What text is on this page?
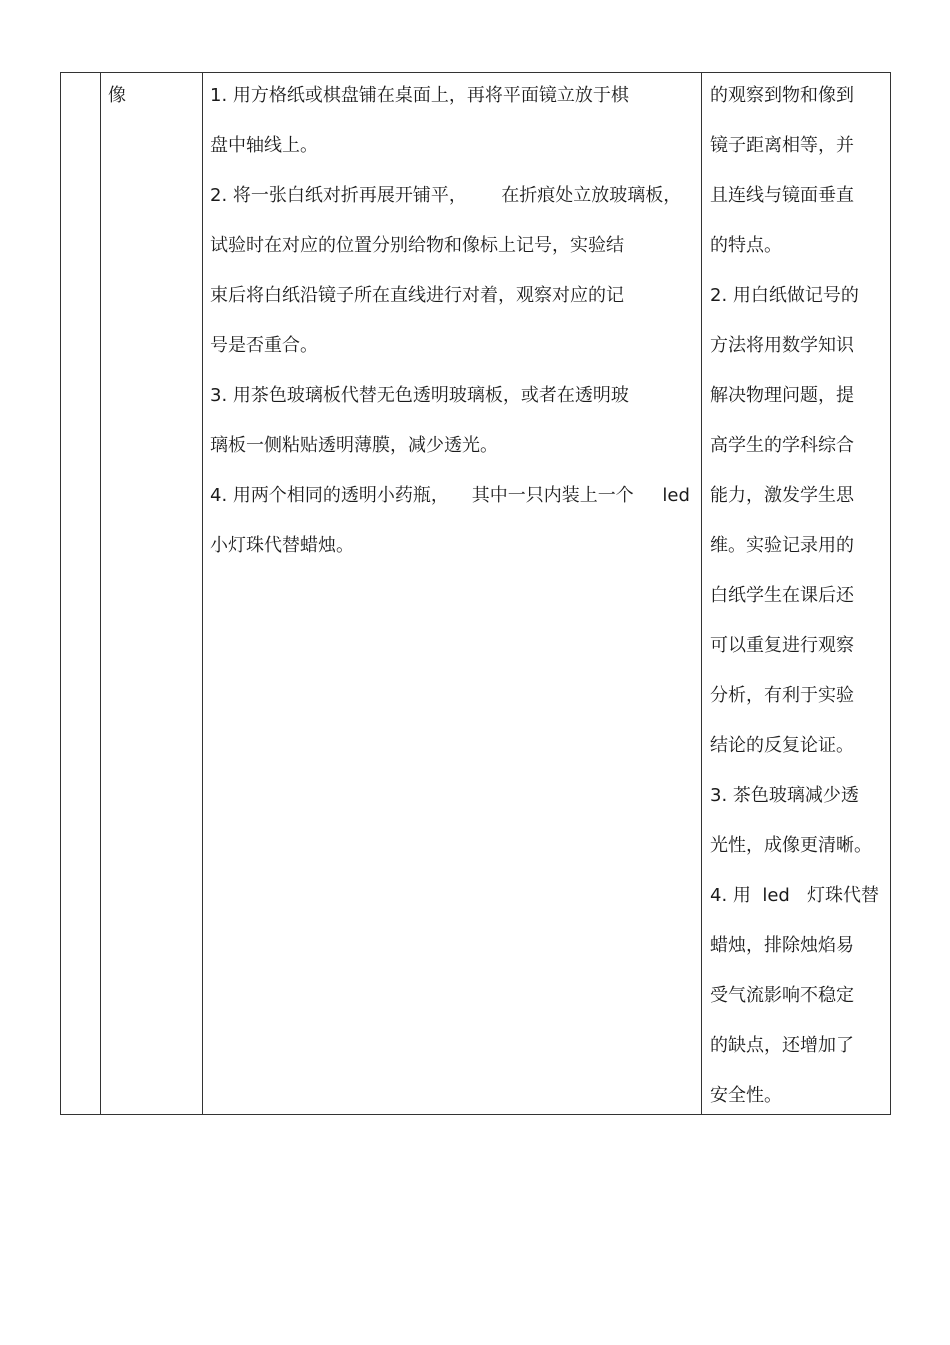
像	1. 用方格纸或棋盘铺在桌面上，再将平面镜立放于棋
盘中轴线上。
2. 将一张白纸对折再展开铺平，      在折痕处立放玻璃板，
试验时在对应的位置分别给物和像标上记号，实验结
束后将白纸沿镜子所在直线进行对着，观察对应的记
号是否重合。
3. 用茶色玻璃板代替无色透明玻璃板，或者在透明玻
璃板一侧粘贴透明薄膜，减少透光。
4. 用两个相同的透明小药瓶，    其中一只内装上一个     led
小灯珠代替蜡烛。
的观察到物和像到
镜子距离相等，并
且连线与镜面垂直
的特点。
2. 用白纸做记号的
方法将用数学知识
解决物理问题，提
高学生的学科综合
能力，激发学生思
维。实验记录用的
白纸学生在课后还
可以重复进行观察
分析，有利于实验
结论的反复论证。
3. 茶色玻璃减少透
光性，成像更清晰。
4. 用  led   灯珠代替
蜡烛，排除烛焰易
受气流影响不稳定
的缺点，还增加了
安全性。
